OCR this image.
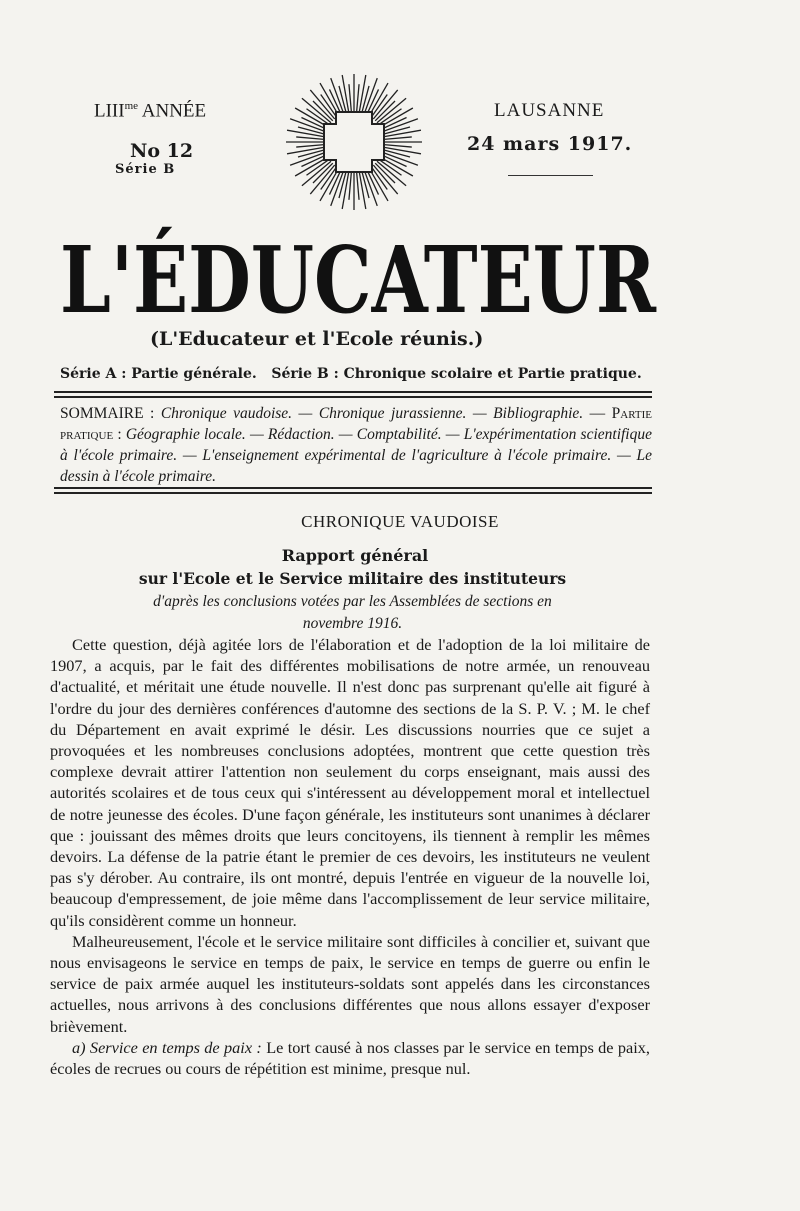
$LIII^{me}$ ANNÉE	LAUSANNE
No 12
Série B
24 mars 1917.
L'ÉDUCATEUR
(L'Educateur et l'Ecole réunis.)
Série A : Partie générale.   Série B : Chronique scolaire et Partie pratique.
SOMMAIRE : Chronique vaudoise. — Chronique jurassienne. — Bibliographie. — Partie pratique : Géographie locale. — Rédaction. — Comptabilité. — L'expérimentation scientifique à l'école primaire. — L'enseignement expérimental de l'agriculture à l'école primaire. — Le dessin à l'école primaire.
CHRONIQUE VAUDOISE
Rapport général
sur l'Ecole et le Service militaire des instituteurs
d'après les conclusions votées par les Assemblées de sections en novembre 1916.

Cette question, déjà agitée lors de l'élaboration et de l'adoption de la loi militaire de 1907, a acquis, par le fait des différentes mobilisations de notre armée, un renouveau d'actualité, et méritait une étude nouvelle. Il n'est donc pas surprenant qu'elle ait figuré à l'ordre du jour des dernières conférences d'automne des sections de la S. P. V. ; M. le chef du Département en avait exprimé le désir. Les discussions nourries que ce sujet a provoquées et les nombreuses conclusions adoptées, montrent que cette question très complexe devrait attirer l'attention non seulement du corps enseignant, mais aussi des autorités scolaires et de tous ceux qui s'intéressent au développement moral et intellectuel de notre jeunesse des écoles. D'une façon générale, les instituteurs sont unanimes à déclarer que : jouissant des mêmes droits que leurs concitoyens, ils tiennent à remplir les mêmes devoirs. La défense de la patrie étant le premier de ces devoirs, les instituteurs ne veulent pas s'y dérober. Au contraire, ils ont montré, depuis l'entrée en vigueur de la nouvelle loi, beaucoup d'empressement, de joie même dans l'accomplissement de leur service militaire, qu'ils considèrent comme un honneur.

Malheureusement, l'école et le service militaire sont difficiles à concilier et, suivant que nous envisageons le service en temps de paix, le service en temps de guerre ou enfin le service de paix armée auquel les instituteurs-soldats sont appelés dans les circonstances actuelles, nous arrivons à des conclusions différentes que nous allons essayer d'exposer brièvement.

a) Service en temps de paix : Le tort causé à nos classes par le service en temps de paix, écoles de recrues ou cours de répétition est minime, presque nul.
